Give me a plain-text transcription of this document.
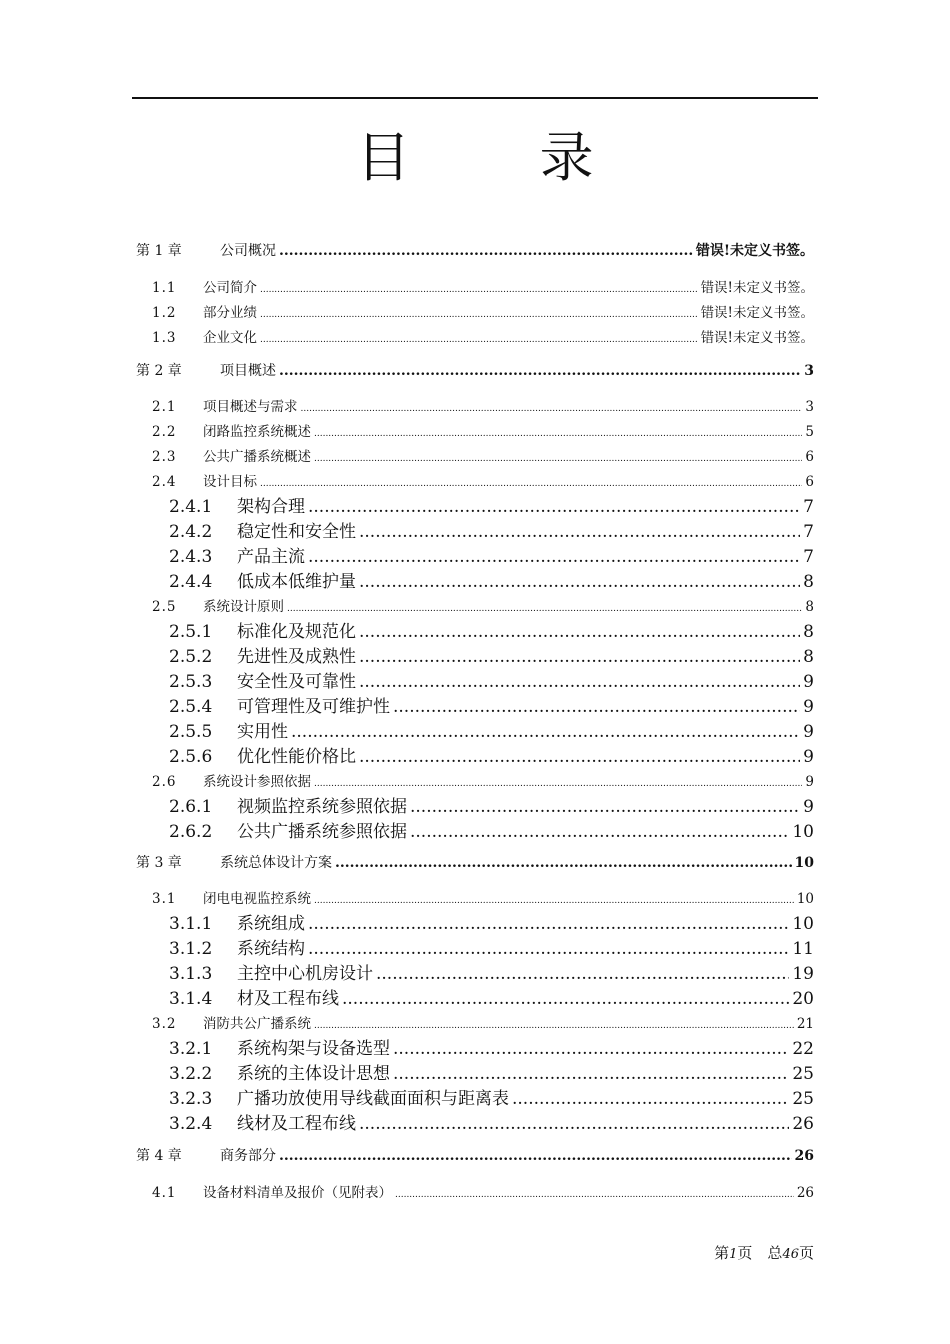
目 录
第 1 章	公司概况 .....	错误!未定义书签。
1.1	公司简介 .....	错误!未定义书签。
1.2	部分业绩 .....	错误!未定义书签。
1.3	企业文化 .....	错误!未定义书签。
第 2 章	项目概述 .....	3
2.1	项目概述与需求 .....	3
2.2	闭路监控系统概述 .....	5
2.3	公共广播系统概述 .....	6
2.4	设计目标 .....	6
2.4.1	架构合理 .....	7
2.4.2	稳定性和安全性 .....	7
2.4.3	产品主流 .....	7
2.4.4	低成本低维护量 .....	8
2.5	系统设计原则 .....	8
2.5.1	标准化及规范化 .....	8
2.5.2	先进性及成熟性 .....	8
2.5.3	安全性及可靠性 .....	9
2.5.4	可管理性及可维护性 .....	9
2.5.5	实用性 .....	9
2.5.6	优化性能价格比 .....	9
2.6	系统设计参照依据 .....	9
2.6.1	视频监控系统参照依据 .....	9
2.6.2	公共广播系统参照依据 .....	10
第 3 章	系统总体设计方案 .....	10
3.1	闭电电视监控系统 .....	10
3.1.1	系统组成 .....	10
3.1.2	系统结构 .....	11
3.1.3	主控中心机房设计 .....	19
3.1.4	材及工程布线 .....	20
3.2	消防共公广播系统 .....	21
3.2.1	系统构架与设备选型 .....	22
3.2.2	系统的主体设计思想 .....	25
3.2.3	广播功放使用导线截面面积与距离表 .....	25
3.2.4	线材及工程布线 .....	26
第 4 章	商务部分 .....	26
4.1	设备材料清单及报价（见附表） .....	26
第1页　总46页
